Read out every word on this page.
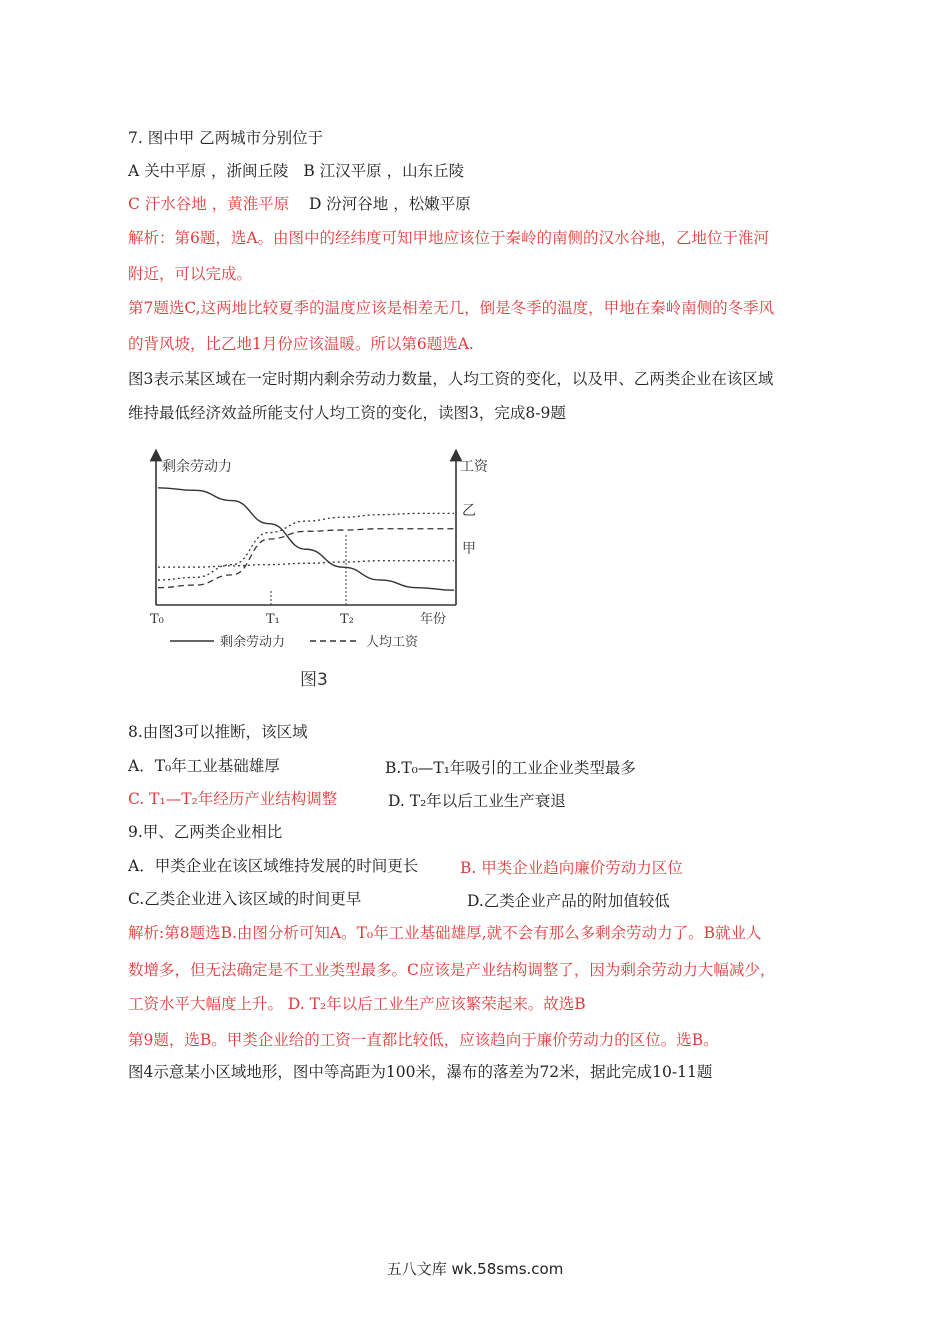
7. 图中甲 乙两城市分别位于
A 关中平原 ，浙闽丘陵 B 江汉平原 ，山东丘陵
C 汗水谷地 ，黄淮平原 D 汾河谷地 ，松嫩平原
解析：第6题，选A。由图中的经纬度可知甲地应该位于秦岭的南侧的汉水谷地，乙地位于淮河
附近，可以完成。
第7题选C,这两地比较夏季的温度应该是相差无几，倒是冬季的温度，甲地在秦岭南侧的冬季风
的背风坡，比乙地1月份应该温暖。所以第6题选A.
图3表示某区域在一定时期内剩余劳动力数量，人均工资的变化，以及甲、乙两类企业在该区域
维持最低经济效益所能支付人均工资的变化，读图3，完成8-9题
剩余劳动力	工资
乙
甲
T₀	T₁	T₂	年份
剩余劳动力	人均工资
图3
8.由图3可以推断，该区域
A．T₀年工业基础雄厚	B.T₀—T₁年吸引的工业企业类型最多
C. T₁—T₂年经历产业结构调整	D. T₂年以后工业生产衰退
9.甲、乙两类企业相比
A．甲类企业在该区域维持发展的时间更长	B. 甲类企业趋向廉价劳动力区位
C.乙类企业进入该区域的时间更早	D.乙类企业产品的附加值较低
解析:第8题选B.由图分析可知A。T₀年工业基础雄厚,就不会有那么多剩余劳动力了。B就业人
数增多，但无法确定是不工业类型最多。C应该是产业结构调整了，因为剩余劳动力大幅减少，
工资水平大幅度上升。 D. T₂年以后工业生产应该繁荣起来。故选B
第9题，选B。甲类企业给的工资一直都比较低，应该趋向于廉价劳动力的区位。选B。
图4示意某小区域地形，图中等高距为100米，瀑布的落差为72米，据此完成10-11题
五八文库 wk.58sms.com
